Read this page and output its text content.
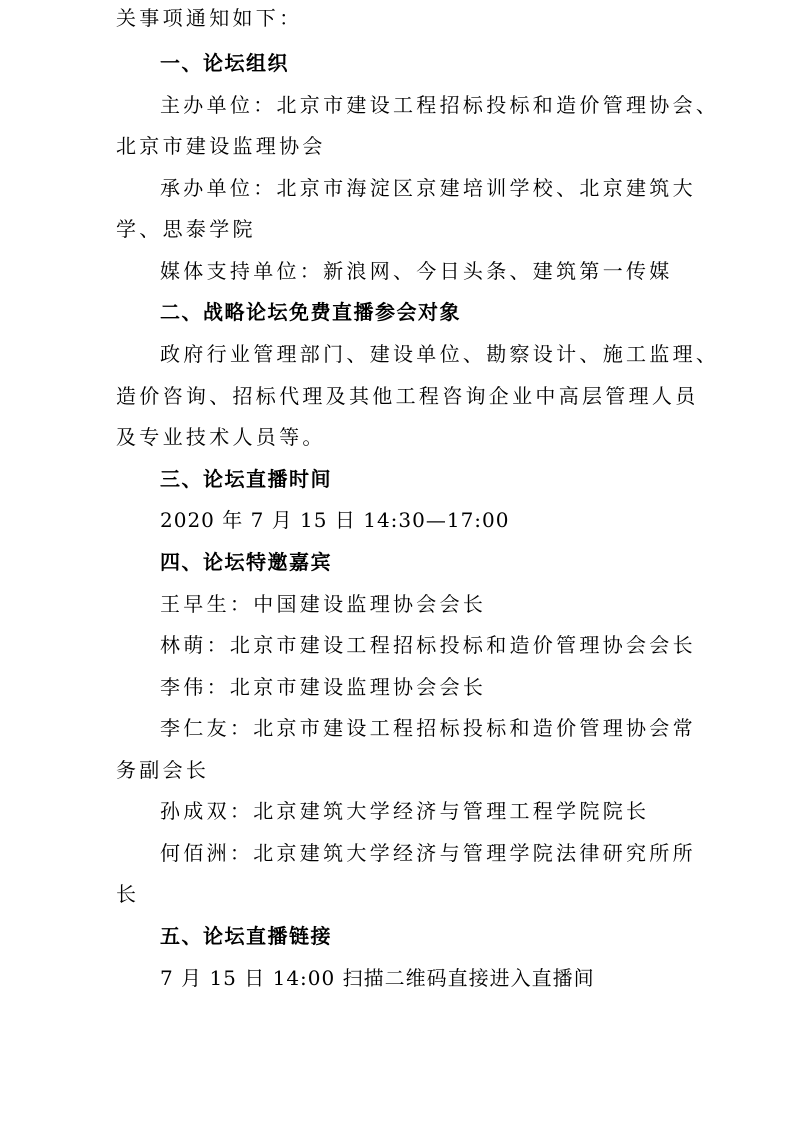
关事项通知如下：
一、论坛组织
主办单位：北京市建设工程招标投标和造价管理协会、
北京市建设监理协会
承办单位：北京市海淀区京建培训学校、北京建筑大
学、思泰学院
媒体支持单位：新浪网、今日头条、建筑第一传媒
二、战略论坛免费直播参会对象
政府行业管理部门、建设单位、勘察设计、施工监理、
造价咨询、招标代理及其他工程咨询企业中高层管理人员
及专业技术人员等。
三、论坛直播时间
2020 年 7 月 15 日 14:30—17:00
四、论坛特邀嘉宾
王早生：中国建设监理协会会长
林萌：北京市建设工程招标投标和造价管理协会会长
李伟：北京市建设监理协会会长
李仁友：北京市建设工程招标投标和造价管理协会常
务副会长
孙成双：北京建筑大学经济与管理工程学院院长
何佰洲：北京建筑大学经济与管理学院法律研究所所
长
五、论坛直播链接
7 月 15 日 14:00 扫描二维码直接进入直播间
